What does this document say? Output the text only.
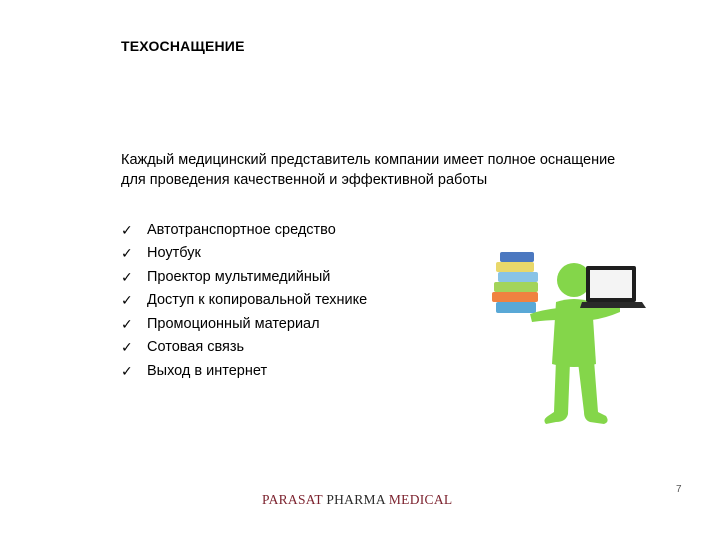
ТЕХОСНАЩЕНИЕ
Каждый медицинский представитель компании имеет полное оснащение для проведения качественной и эффективной работы
✓ Автотранспортное средство
✓ Ноутбук
✓ Проектор мультимедийный
✓ Доступ к копировальной технике
✓ Промоционный материал
✓ Сотовая связь
✓ Выход в интернет
PARASAT PHARMA MEDICAL
7
